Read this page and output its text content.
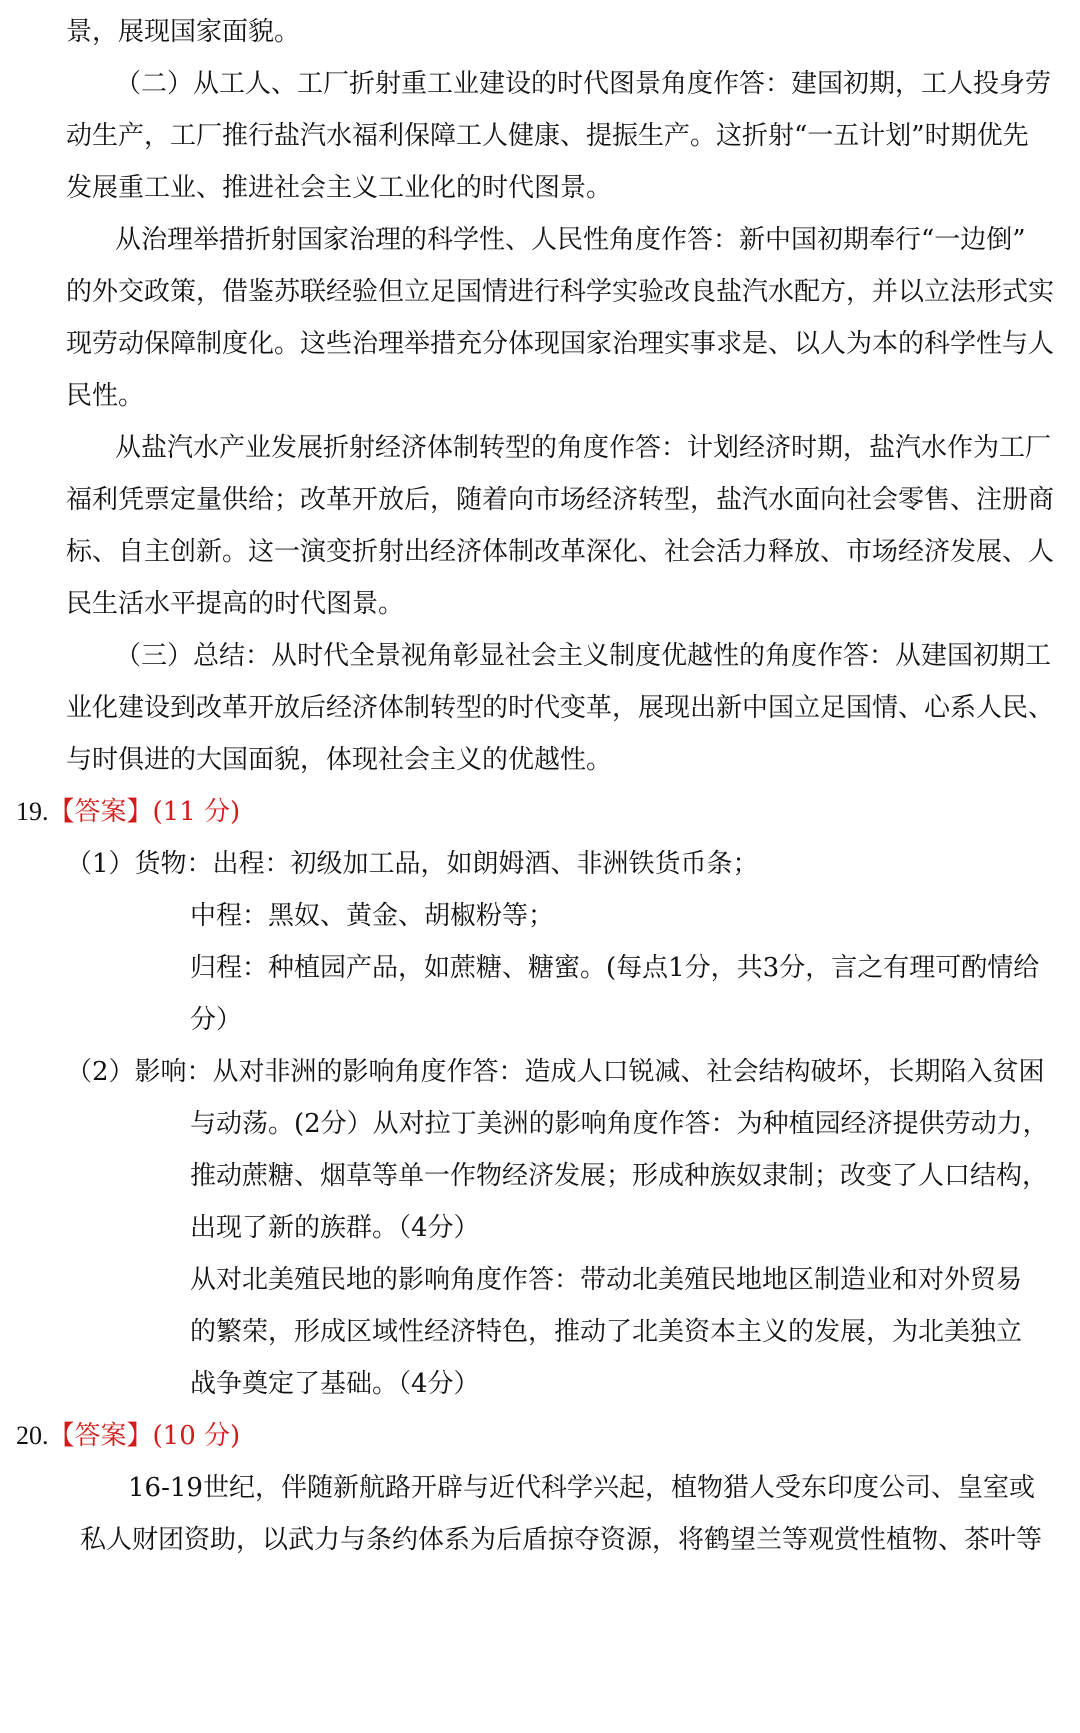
景，展现国家面貌。
（二）从工人、工厂折射重工业建设的时代图景角度作答：建国初期，工人投身劳
动生产，工厂推行盐汽水福利保障工人健康、提振生产。这折射“一五计划”时期优先
发展重工业、推进社会主义工业化的时代图景。
从治理举措折射国家治理的科学性、人民性角度作答：新中国初期奉行“一边倒”
的外交政策，借鉴苏联经验但立足国情进行科学实验改良盐汽水配方，并以立法形式实
现劳动保障制度化。这些治理举措充分体现国家治理实事求是、以人为本的科学性与人
民性。
从盐汽水产业发展折射经济体制转型的角度作答：计划经济时期，盐汽水作为工厂
福利凭票定量供给；改革开放后，随着向市场经济转型，盐汽水面向社会零售、注册商
标、自主创新。这一演变折射出经济体制改革深化、社会活力释放、市场经济发展、人
民生活水平提高的时代图景。
（三）总结：从时代全景视角彰显社会主义制度优越性的角度作答：从建国初期工
业化建设到改革开放后经济体制转型的时代变革，展现出新中国立足国情、心系人民、
与时俱进的大国面貌，体现社会主义的优越性。
19.【答案】(11 分)
（1）货物：出程：初级加工品，如朗姆酒、非洲铁货币条；
中程：黑奴、黄金、胡椒粉等；
归程：种植园产品，如蔗糖、糖蜜。(每点1分，共3分，言之有理可酌情给
分）
（2）影响：从对非洲的影响角度作答：造成人口锐减、社会结构破坏，长期陷入贫困
与动荡。(2分）从对拉丁美洲的影响角度作答：为种植园经济提供劳动力，
推动蔗糖、烟草等单一作物经济发展；形成种族奴隶制；改变了人口结构，
出现了新的族群。（4分）
从对北美殖民地的影响角度作答：带动北美殖民地地区制造业和对外贸易
的繁荣，形成区域性经济特色，推动了北美资本主义的发展，为北美独立
战争奠定了基础。（4分）
20.【答案】(10 分)
16-19世纪，伴随新航路开辟与近代科学兴起，植物猎人受东印度公司、皇室或
私人财团资助，以武力与条约体系为后盾掠夺资源，将鹤望兰等观赏性植物、茶叶等
